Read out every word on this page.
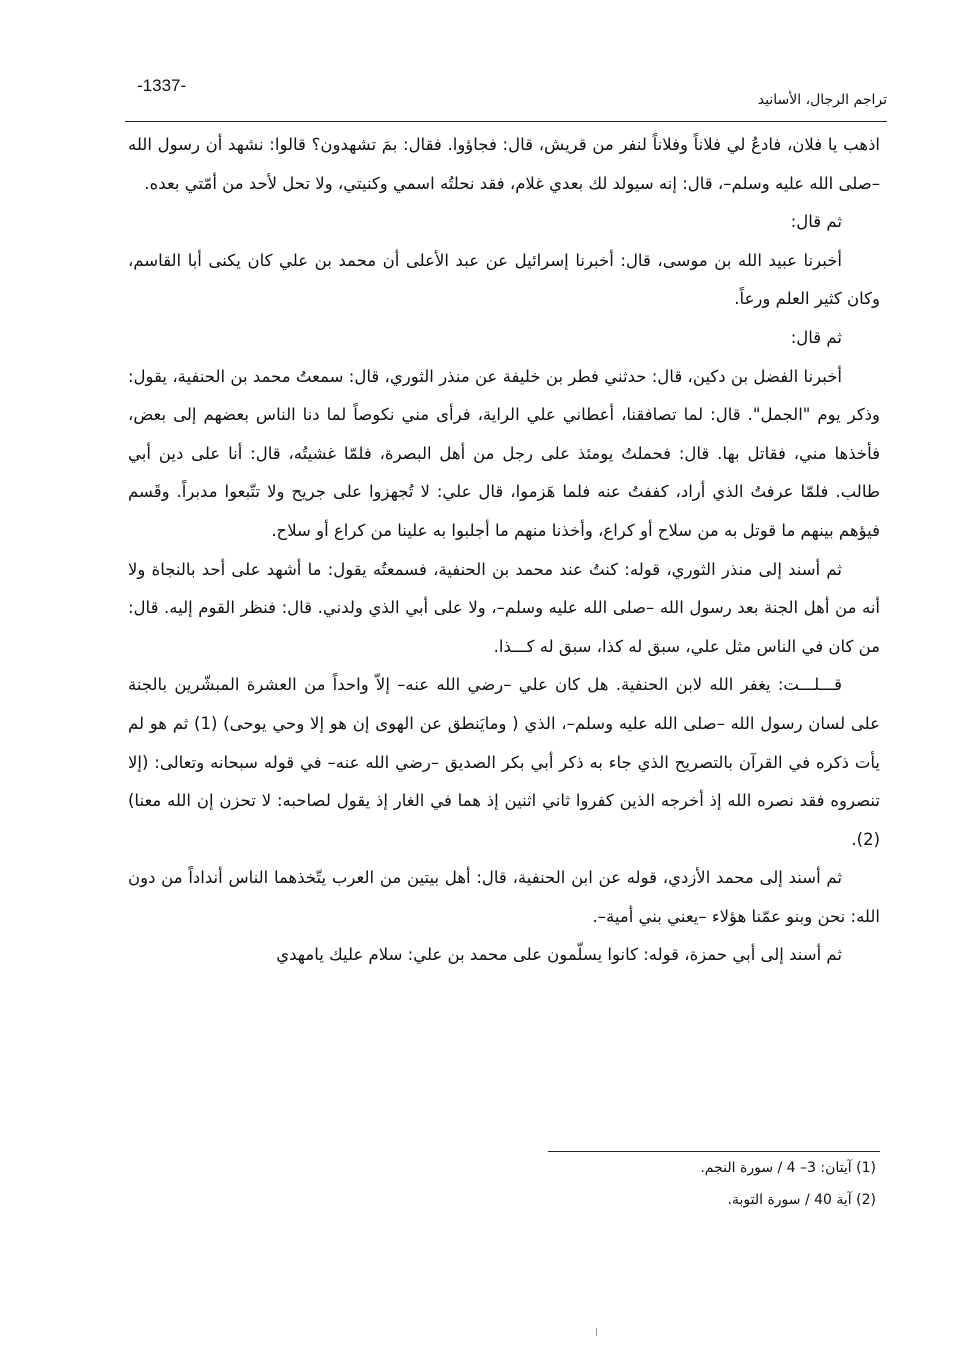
-1337-
تراجم الرجال، الأسانيد

اذهب يا فلان، فادعُ لي فلاناً وفلاناً لنفر من قريش، قال: فجاؤوا. فقال: بمَ تشهدون؟ قالوا: نشهد أن رسول الله –صلى الله عليه وسلم–، قال: إنه سيولد لك بعدي غلام، فقد نحلتُه اسمي وكنيتي، ولا تحل لأحد من أمّتي بعده.

ثم قال:

أخبرنا عبيد الله بن موسى، قال: أخبرنا إسرائيل عن عبد الأعلى أن محمد بن علي كان يكنى أبا القاسم، وكان كثير العلم ورعاً.

ثم قال:

أخبرنا الفضل بن دكين، قال: حدثني فطر بن خليفة عن منذر الثوري، قال: سمعتُ محمد بن الحنفية، يقول: وذكر يوم "الجمل". قال: لما تصافقنا، أعطاني علي الراية، فرأى مني نكوصاً لما دنا الناس بعضهم إلى بعض، فأخذها مني، فقاتل بها. قال: فحملتُ يومئذ على رجل من أهل البصرة، فلمّا غشيتُه، قال: أنا على دين أبي طالب. فلمّا عرفتُ الذي أراد، كففتُ عنه فلما هَزموا، قال علي: لا تُجهزوا على جريح ولا تتّبعوا مدبراً. وقَسم فيؤهم بينهم ما قوتل به من سلاح أو كراع، وأخذنا منهم ما أجلبوا به علينا من كراع أو سلاح.

ثم أسند إلى منذر الثوري، قوله: كنتُ عند محمد بن الحنفية، فسمعتُه يقول: ما أشهد على أحد بالنجاة ولا أنه من أهل الجنة بعد رسول الله –صلى الله عليه وسلم–، ولا على أبي الذي ولدني. قال: فنظر القوم إليه. قال: من كان في الناس مثل علي، سبق له كذا، سبق له كـــذا.

قـــلـــت: يغفر الله لابن الحنفية. هل كان علي –رضي الله عنه– إلاّ واحداً من العشرة المبشّرين بالجنة على لسان رسول الله –صلى الله عليه وسلم–، الذي ( ومايَنطق عن الهوى إن هو إلا وحي يوحى) (1) ثم هو لم يأت ذكره في القرآن بالتصريح الذي جاء به ذكر أبي بكر الصديق –رضي الله عنه– في قوله سبحانه وتعالى: (إلا تنصروه فقد نصره الله إذ أخرجه الذين كفروا ثاني اثنين إذ هما في الغار إذ يقول لصاحبه: لا تحزن إن الله معنا) (2).

ثم أسند إلى محمد الأزدي، قوله عن ابن الحنفية، قال: أهل بيتين من العرب يتّخذهما الناس أنداداً من دون الله: نحن وبنو عمّنا هؤلاء –يعني بني أمية–.

ثم أسند إلى أبي حمزة، قوله: كانوا يسلّمون على محمد بن علي: سلام عليك يامهدي

(1) آيتان: 3– 4 / سورة النجم.

(2) آية 40 / سورة التوبة.
